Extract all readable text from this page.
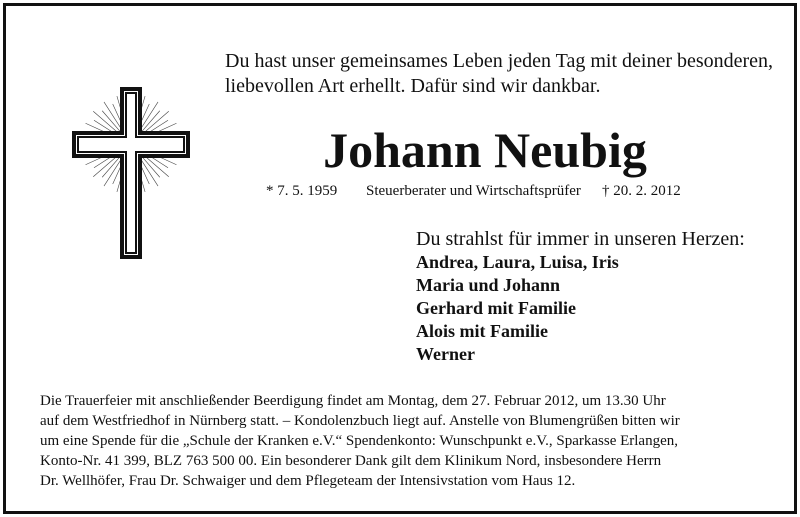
Du hast unser gemeinsames Leben jeden Tag mit deiner besonderen,
liebevollen Art erhellt. Dafür sind wir dankbar.
Johann Neubig
* 7. 5. 1959 Steuerberater und Wirtschaftsprüfer † 20. 2. 2012
Du strahlst für immer in unseren Herzen:
Andrea, Laura, Luisa, Iris
Maria und Johann
Gerhard mit Familie
Alois mit Familie
Werner
Die Trauerfeier mit anschließender Beerdigung findet am Montag, dem 27. Februar 2012, um 13.30 Uhr
auf dem Westfriedhof in Nürnberg statt. – Kondolenzbuch liegt auf. Anstelle von Blumengrüßen bitten wir
um eine Spende für die „Schule der Kranken e.V.“ Spendenkonto: Wunschpunkt e.V., Sparkasse Erlangen,
Konto-Nr. 41 399, BLZ 763 500 00. Ein besonderer Dank gilt dem Klinikum Nord, insbesondere Herrn
Dr. Wellhöfer, Frau Dr. Schwaiger und dem Pflegeteam der Intensivstation vom Haus 12.
